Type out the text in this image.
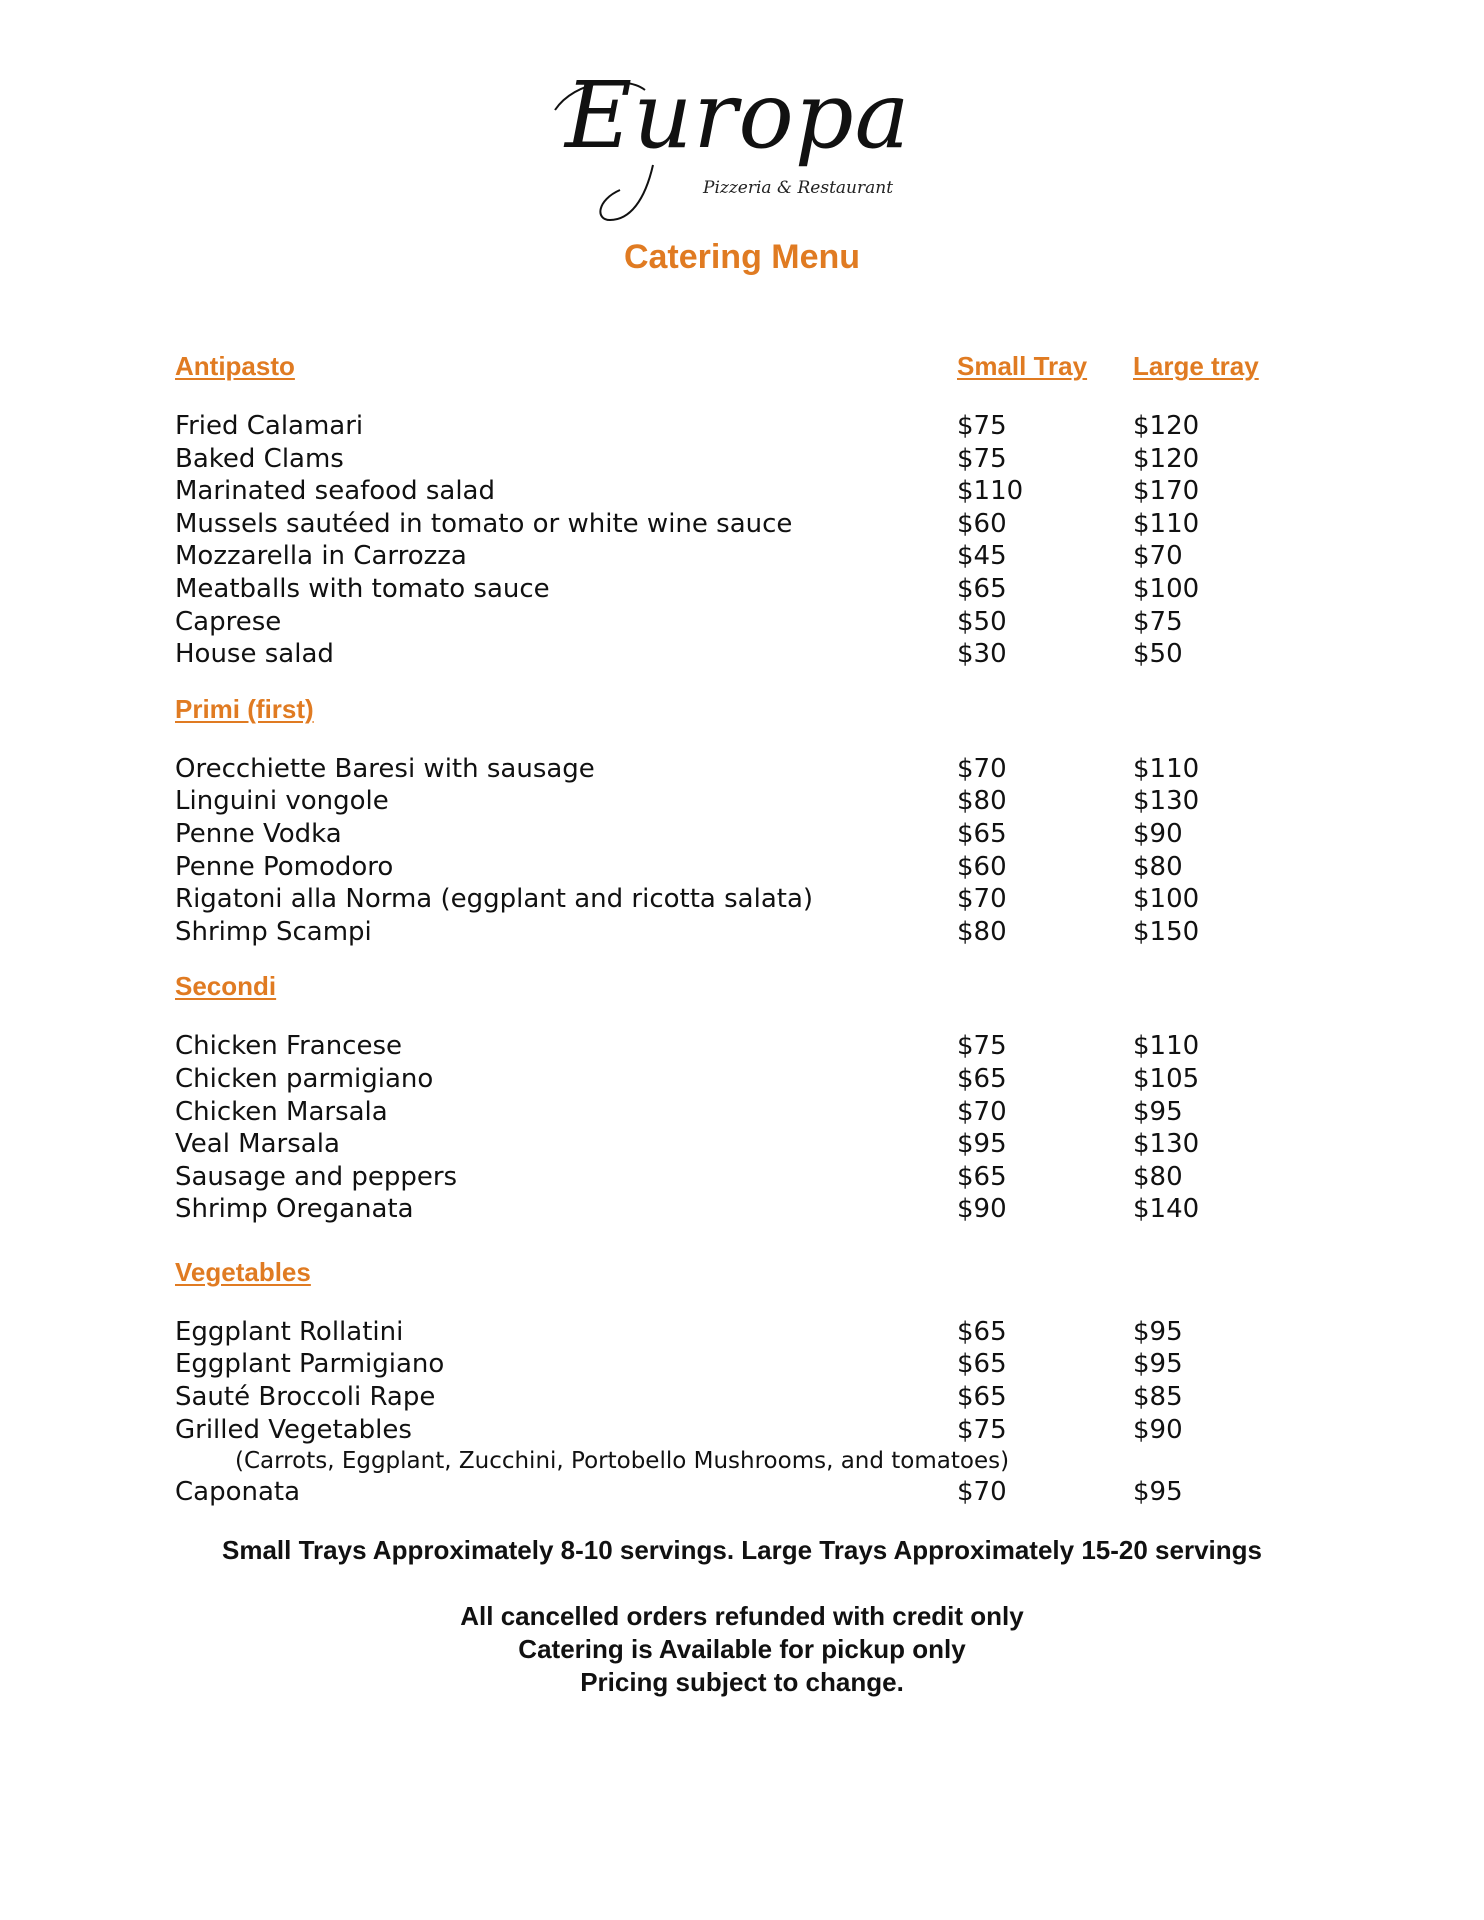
Europa
Pizzeria & Restaurant
Catering Menu
Antipasto	Small Tray Large tray
Fried Calamari	$75	$120
Baked Clams	$75	$120
Marinated seafood salad	$110	$170
Mussels sautéed in tomato or white wine sauce	$60	$110
Mozzarella in Carrozza	$45	$70
Meatballs with tomato sauce	$65	$100
Caprese	$50	$75
House salad	$30	$50
Primi (first)
Orecchiette Baresi with sausage	$70	$110
Linguini vongole	$80	$130
Penne Vodka	$65	$90
Penne Pomodoro	$60	$80
Rigatoni alla Norma (eggplant and ricotta salata)	$70	$100
Shrimp Scampi	$80	$150
Secondi
Chicken Francese	$75	$110
Chicken parmigiano	$65	$105
Chicken Marsala	$70	$95
Veal Marsala	$95	$130
Sausage and peppers	$65	$80
Shrimp Oreganata	$90	$140
Vegetables
Eggplant Rollatini	$65	$95
Eggplant Parmigiano	$65	$95
Sauté Broccoli Rape	$65	$85
Grilled Vegetables	$75	$90
(Carrots, Eggplant, Zucchini, Portobello Mushrooms, and tomatoes)
Caponata	$70	$95
Small Trays Approximately 8-10 servings. Large Trays Approximately 15-20 servings
All cancelled orders refunded with credit only
Catering is Available for pickup only
Pricing subject to change.
